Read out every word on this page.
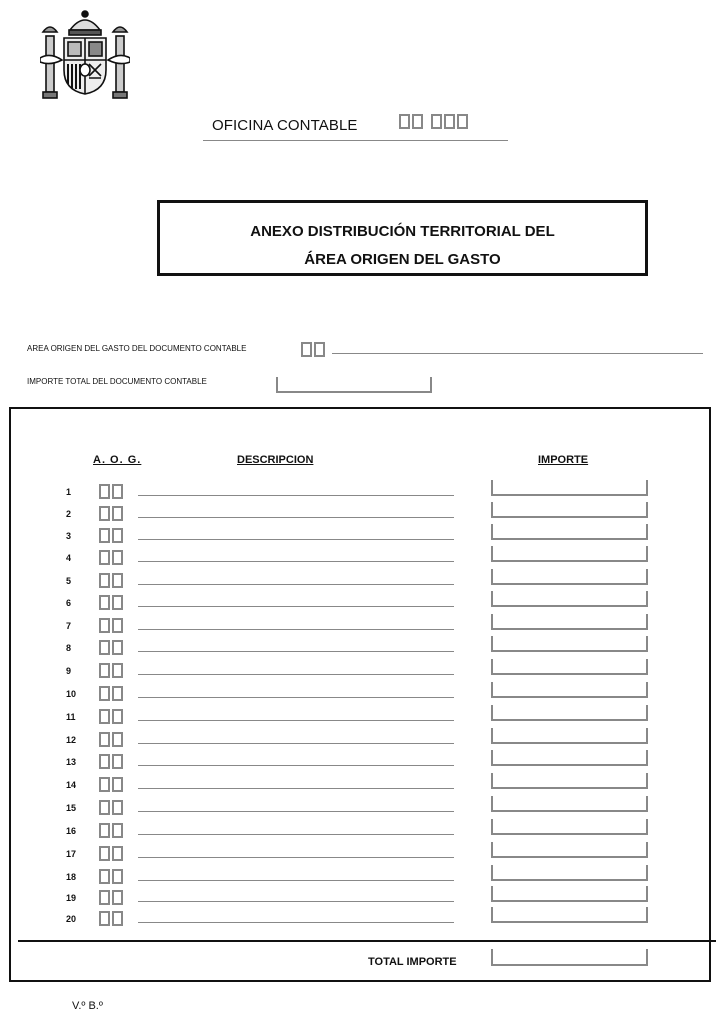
OFICINA CONTABLE
ANEXO DISTRIBUCIÓN TERRITORIAL DEL
ÁREA ORIGEN DEL GASTO
AREA ORIGEN DEL GASTO DEL DOCUMENTO CONTABLE
IMPORTE TOTAL DEL DOCUMENTO CONTABLE
A. O. G.	DESCRIPCION	IMPORTE
1
2
3
4
5
6
7
8
9
10
11
12
13
14
15
16
17
18
19
20
TOTAL IMPORTE
V.º B.º
